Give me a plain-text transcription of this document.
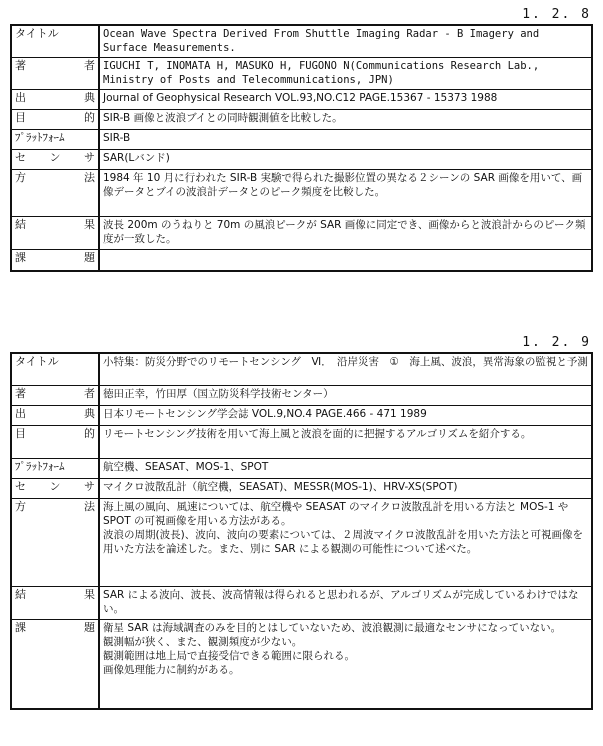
1. 2. 8
タイトル	Ocean Wave Spectra Derived From Shuttle Imaging Radar - B Imagery and Surface Measurements.
著　者	IGUCHI T, INOMATA H, MASUKO H, FUGONO N(Communications Research Lab., Ministry of Posts and Telecommunications, JPN)
出　典	Journal of Geophysical Research VOL.93,NO.C12 PAGE.15367 - 15373 1988
目　的	SIR-B 画像と波浪ブイとの同時観測値を比較した。
ﾌﾟﾗｯﾄﾌｫｰﾑ	SIR-B
セ ン サ	SAR(Lバンド)
方　法	1984 年 10 月に行われた SIR-B 実験で得られた撮影位置の異なる２シーンの SAR 画像を用いて、画像データとブイの波浪計データとのピーク頻度を比較した。
結　果	波長 200m のうねりと 70m の風浪ピークが SAR 画像に同定でき、画像からと波浪計からのピーク頻度が一致した。
課　題	
1. 2. 9
タイトル	小特集：防災分野でのリモートセンシング　Ⅵ．　沿岸災害　①　海上風、波浪，異常海象の監視と予測
著　者	徳田正幸，竹田厚（国立防災科学技術センター）
出　典	日本リモートセンシング学会誌 VOL.9,NO.4 PAGE.466 - 471 1989
目　的	リモートセンシング技術を用いて海上風と波浪を面的に把握するアルゴリズムを紹介する。
ﾌﾟﾗｯﾄﾌｫｰﾑ	航空機、SEASAT、MOS-1、SPOT
セ ン サ	マイクロ波散乱計（航空機，SEASAT)、MESSR(MOS-1)、HRV-XS(SPOT)
方　法	海上風の風向、風速については、航空機や SEASAT のマイクロ波散乱計を用いる方法と MOS-1 や SPOT の可視画像を用いる方法がある。

波浪の周期(波長)、波向、波向の要素については、２周波マイクロ波散乱計を用いた方法と可視画像を用いた方法を論述した。また、別に SAR による観測の可能性について述べた。

結　果	SAR による波向、波長、波高情報は得られると思われるが、アルゴリズムが完成しているわけではない。
課　題	衛星 SAR は海域調査のみを目的とはしていないため、波浪観測に最適なセンサになっていない。

観測幅が狭く、また、観測頻度が少ない。

観測範囲は地上局で直接受信できる範囲に限られる。

画像処理能力に制約がある。
